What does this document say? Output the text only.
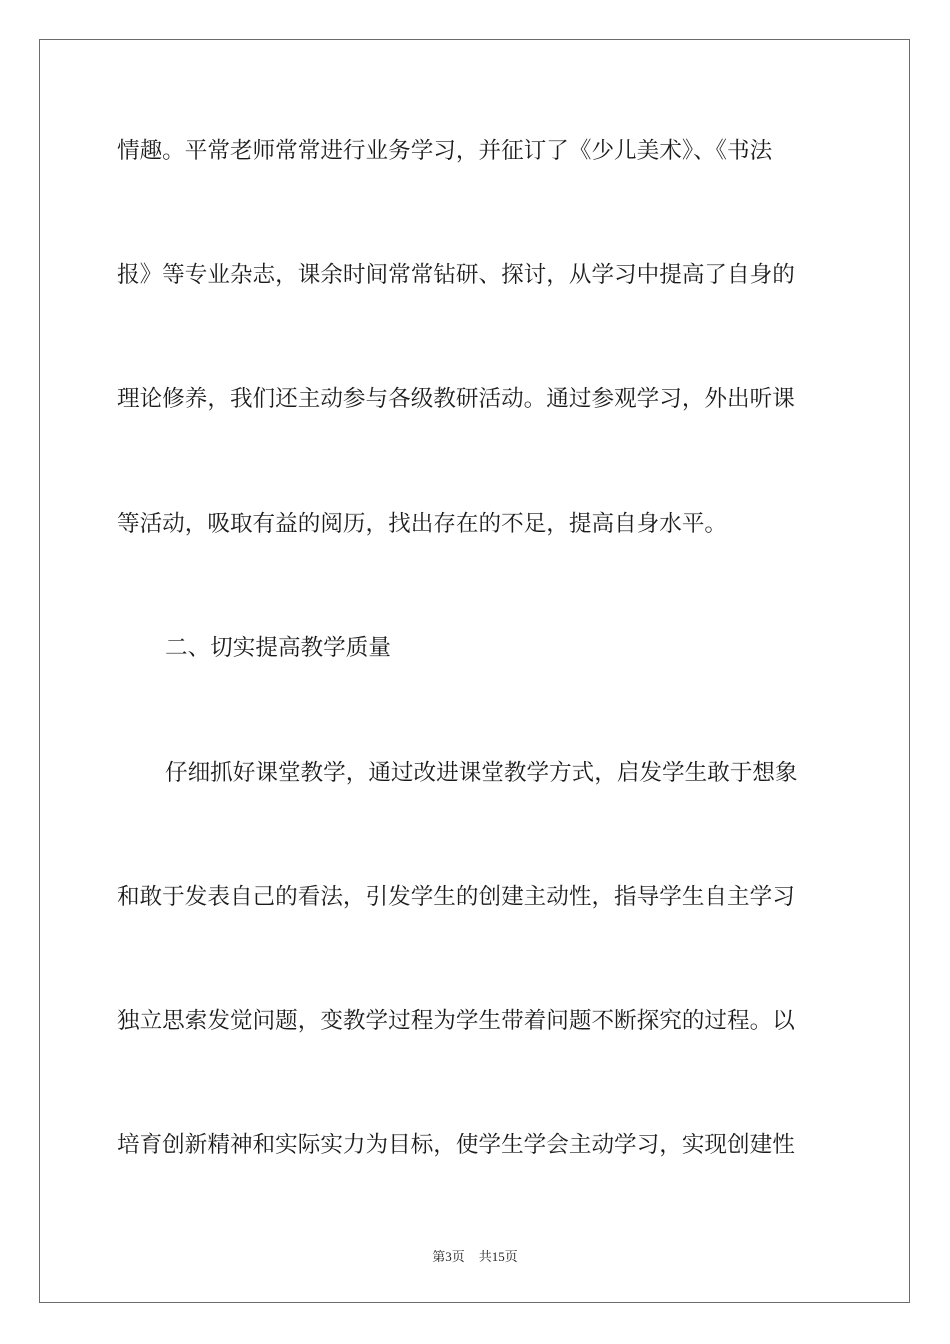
情趣。平常老师常常进行业务学习，并征订了《少儿美术》、《书法
报》等专业杂志，课余时间常常钻研、探讨，从学习中提高了自身的
理论修养，我们还主动参与各级教研活动。通过参观学习，外出听课
等活动，吸取有益的阅历，找出存在的不足，提高自身水平。
二、切实提高教学质量
仔细抓好课堂教学，通过改进课堂教学方式，启发学生敢于想象
和敢于发表自己的看法，引发学生的创建主动性，指导学生自主学习
独立思索发觉问题，变教学过程为学生带着问题不断探究的过程。以
培育创新精神和实际实力为目标，使学生学会主动学习，实现创建性
第3页 共15页
